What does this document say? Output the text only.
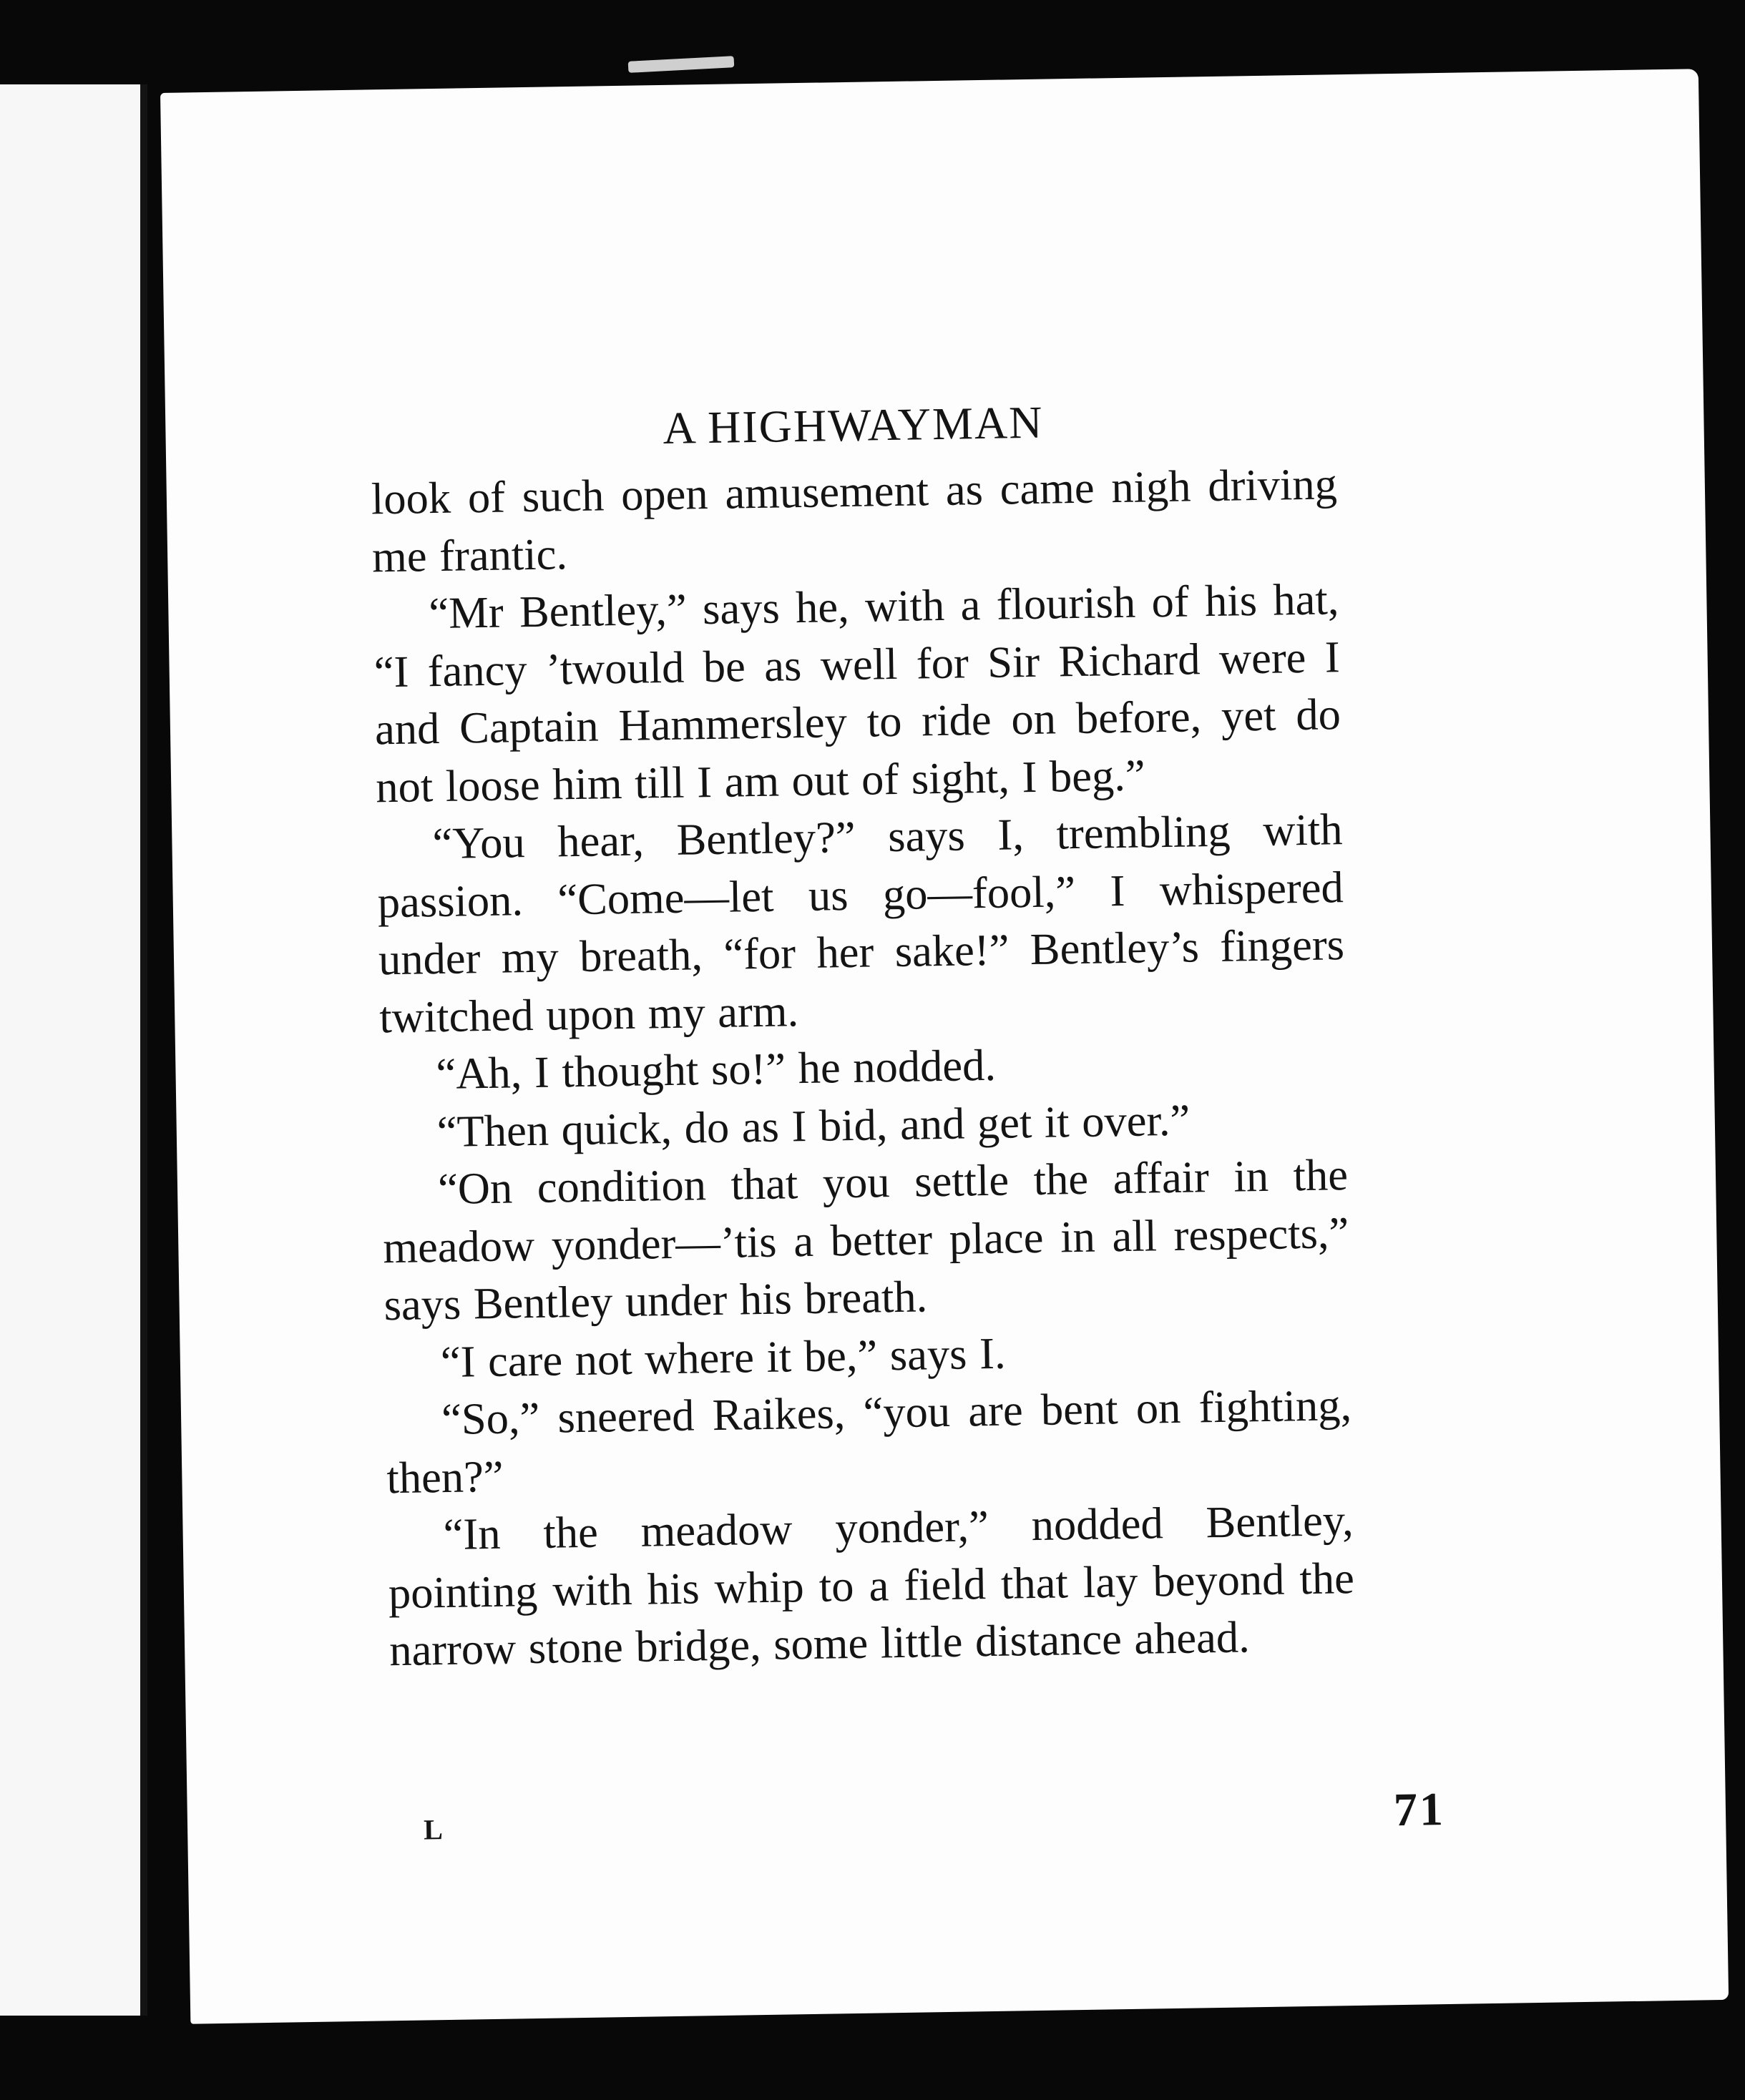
A HIGHWAYMAN

look of such open amusement as came nigh driving me frantic.

“Mr Bentley,” says he, with a flourish of his hat, “I fancy ’twould be as well for Sir Richard were I and Captain Hammersley to ride on before, yet do not loose him till I am out of sight, I beg.”

“You hear, Bentley?” says I, trembling with passion. “Come—let us go—fool,” I whispered under my breath, “for her sake!” Bentley’s fingers twitched upon my arm.

“Ah, I thought so!” he nodded.

“Then quick, do as I bid, and get it over.”

“On condition that you settle the affair in the meadow yonder—’tis a better place in all respects,” says Bentley under his breath.

“I care not where it be,” says I.

“So,” sneered Raikes, “you are bent on fighting, then?”

“In the meadow yonder,” nodded Bentley, pointing with his whip to a field that lay beyond the narrow stone bridge, some little distance ahead.

L	71
